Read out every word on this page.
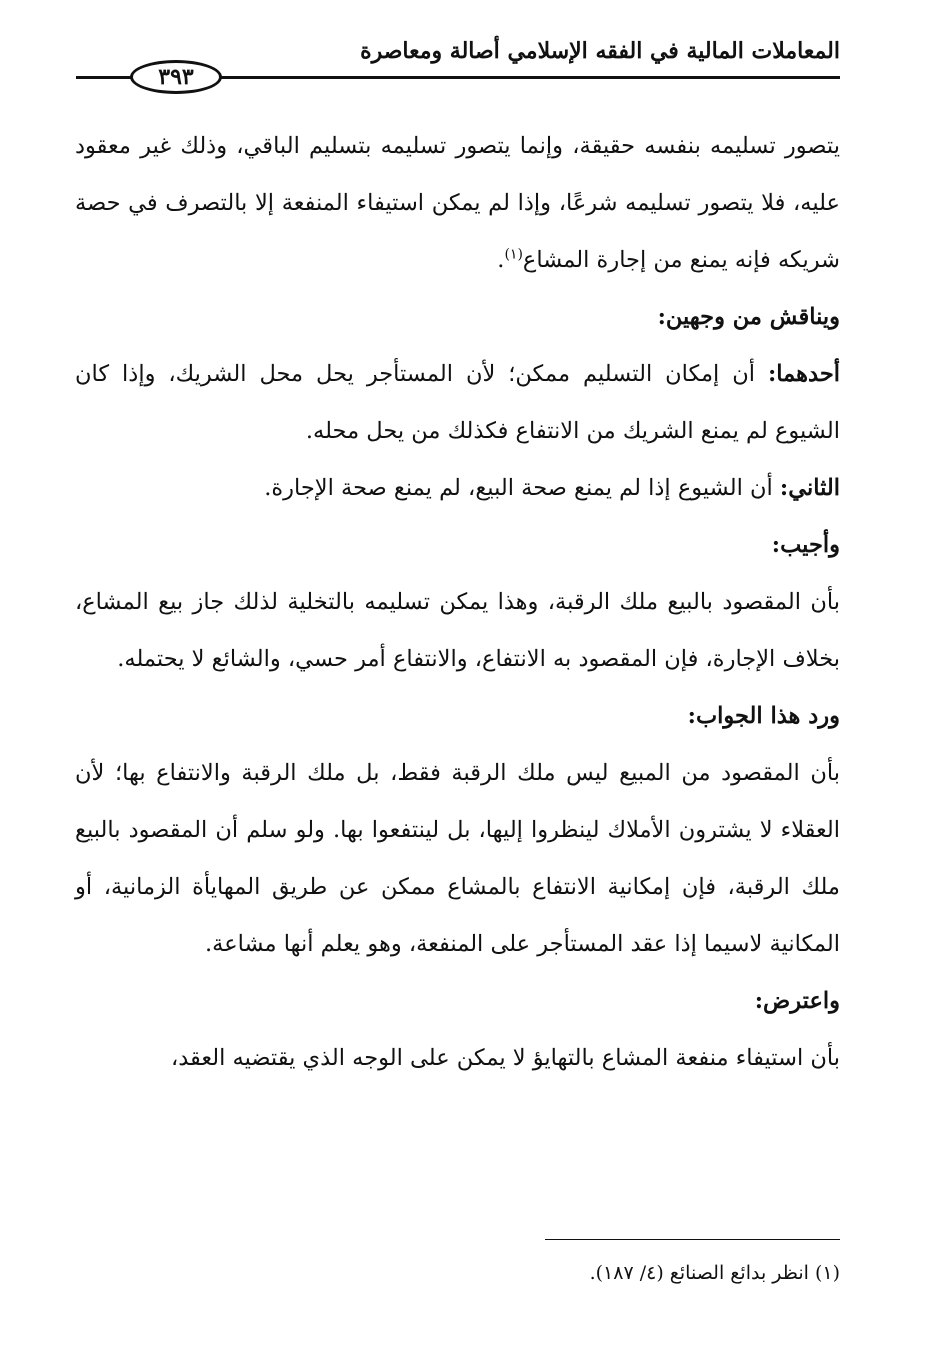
المعاملات المالية في الفقه الإسلامي أصالة ومعاصرة
٣٩٣

يتصور تسليمه بنفسه حقيقة، وإنما يتصور تسليمه بتسليم الباقي، وذلك غير معقود عليه، فلا يتصور تسليمه شرعًا، وإذا لم يمكن استيفاء المنفعة إلا بالتصرف في حصة شريكه فإنه يمنع من إجارة المشاع$^{(١)}$.

ويناقش من وجهين:

أحدهما: أن إمكان التسليم ممكن؛ لأن المستأجر يحل محل الشريك، وإذا كان الشيوع لم يمنع الشريك من الانتفاع فكذلك من يحل محله.

الثاني: أن الشيوع إذا لم يمنع صحة البيع، لم يمنع صحة الإجارة.

وأجيب:

بأن المقصود بالبيع ملك الرقبة، وهذا يمكن تسليمه بالتخلية لذلك جاز بيع المشاع، بخلاف الإجارة، فإن المقصود به الانتفاع، والانتفاع أمر حسي، والشائع لا يحتمله.

ورد هذا الجواب:

بأن المقصود من المبيع ليس ملك الرقبة فقط، بل ملك الرقبة والانتفاع بها؛ لأن العقلاء لا يشترون الأملاك لينظروا إليها، بل لينتفعوا بها. ولو سلم أن المقصود بالبيع ملك الرقبة، فإن إمكانية الانتفاع بالمشاع ممكن عن طريق المهايأة الزمانية، أو المكانية لاسيما إذا عقد المستأجر على المنفعة، وهو يعلم أنها مشاعة.

واعترض:

بأن استيفاء منفعة المشاع بالتهايؤ لا يمكن على الوجه الذي يقتضيه العقد،

(١) انظر بدائع الصنائع (٤/ ١٨٧).
